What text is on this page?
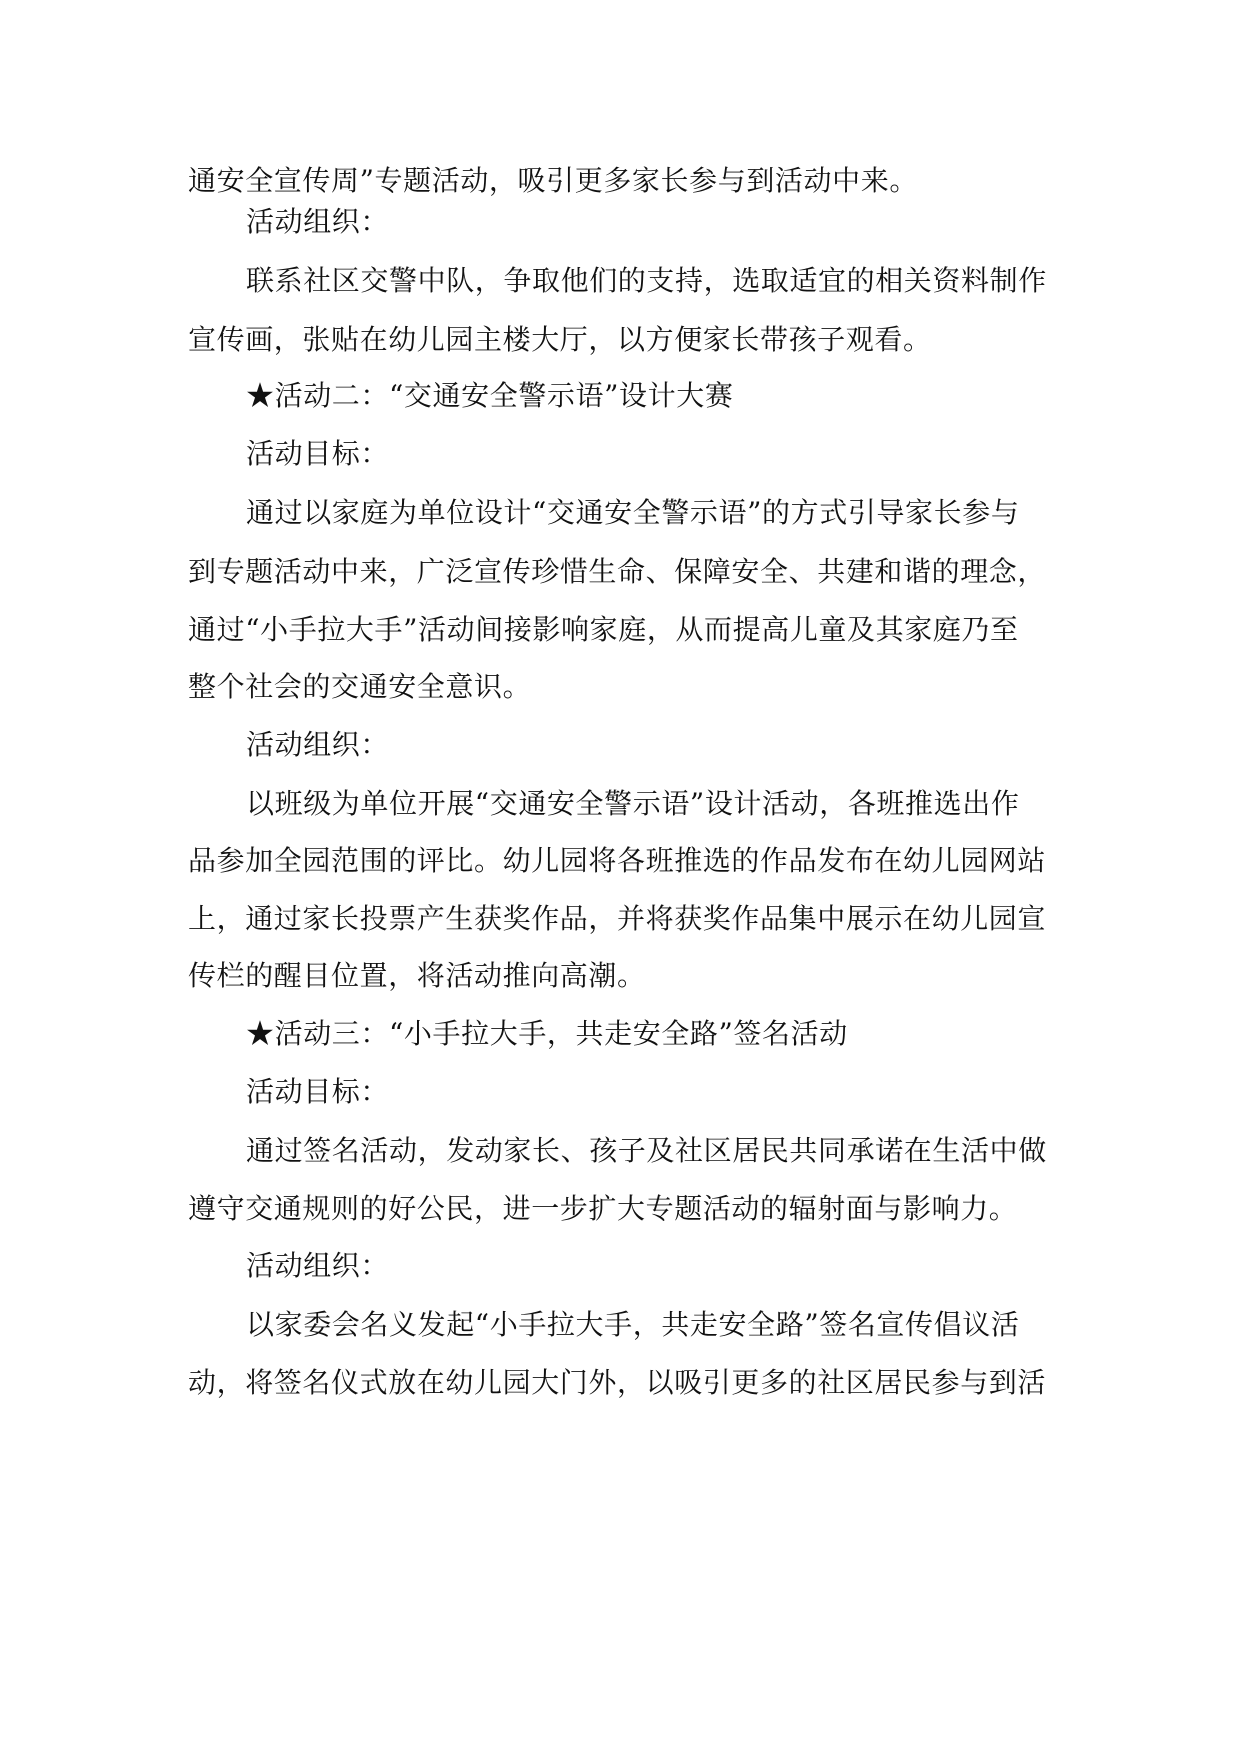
通安全宣传周”专题活动，吸引更多家长参与到活动中来。
活动组织：
联系社区交警中队，争取他们的支持，选取适宜的相关资料制作
宣传画，张贴在幼儿园主楼大厅，以方便家长带孩子观看。
★活动二：“交通安全警示语”设计大赛
活动目标：
通过以家庭为单位设计“交通安全警示语”的方式引导家长参与
到专题活动中来，广泛宣传珍惜生命、保障安全、共建和谐的理念，
通过“小手拉大手”活动间接影响家庭，从而提高儿童及其家庭乃至
整个社会的交通安全意识。
活动组织：
以班级为单位开展“交通安全警示语”设计活动，各班推选出作
品参加全园范围的评比。幼儿园将各班推选的作品发布在幼儿园网站
上，通过家长投票产生获奖作品，并将获奖作品集中展示在幼儿园宣
传栏的醒目位置，将活动推向高潮。
★活动三：“小手拉大手，共走安全路”签名活动
活动目标：
通过签名活动，发动家长、孩子及社区居民共同承诺在生活中做
遵守交通规则的好公民，进一步扩大专题活动的辐射面与影响力。
活动组织：
以家委会名义发起“小手拉大手，共走安全路”签名宣传倡议活
动，将签名仪式放在幼儿园大门外，以吸引更多的社区居民参与到活
